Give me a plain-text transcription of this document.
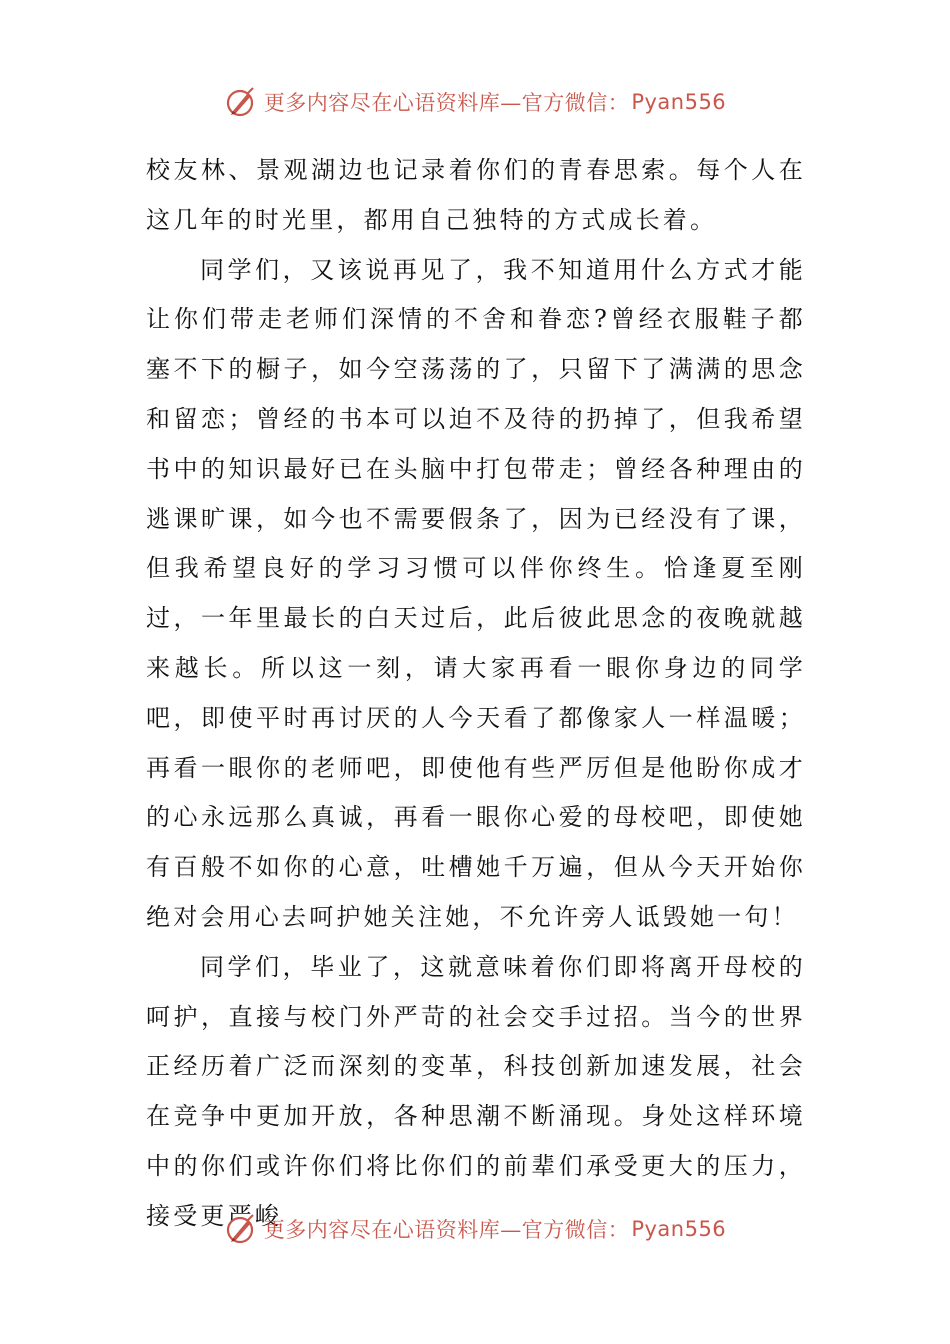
更多内容尽在心语资料库—官方微信： Pyan556

校友林、景观湖边也记录着你们的青春思索。每个人在这几年的时光里，都用自己独特的方式成长着。

同学们，又该说再见了，我不知道用什么方式才能让你们带走老师们深情的不舍和眷恋?曾经衣服鞋子都塞不下的橱子，如今空荡荡的了，只留下了满满的思念和留恋；曾经的书本可以迫不及待的扔掉了，但我希望书中的知识最好已在头脑中打包带走；曾经各种理由的逃课旷课，如今也不需要假条了，因为已经没有了课，但我希望良好的学习习惯可以伴你终生。恰逢夏至刚过，一年里最长的白天过后，此后彼此思念的夜晚就越来越长。所以这一刻，请大家再看一眼你身边的同学吧，即使平时再讨厌的人今天看了都像家人一样温暖；再看一眼你的老师吧，即使他有些严厉但是他盼你成才的心永远那么真诚，再看一眼你心爱的母校吧，即使她有百般不如你的心意，吐槽她千万遍，但从今天开始你绝对会用心去呵护她关注她，不允许旁人诋毁她一句！

同学们，毕业了，这就意味着你们即将离开母校的呵护，直接与校门外严苛的社会交手过招。当今的世界正经历着广泛而深刻的变革，科技创新加速发展，社会在竞争中更加开放，各种思潮不断涌现。身处这样环境中的你们或许你们将比你们的前辈们承受更大的压力，接受更严峻

更多内容尽在心语资料库—官方微信： Pyan556
